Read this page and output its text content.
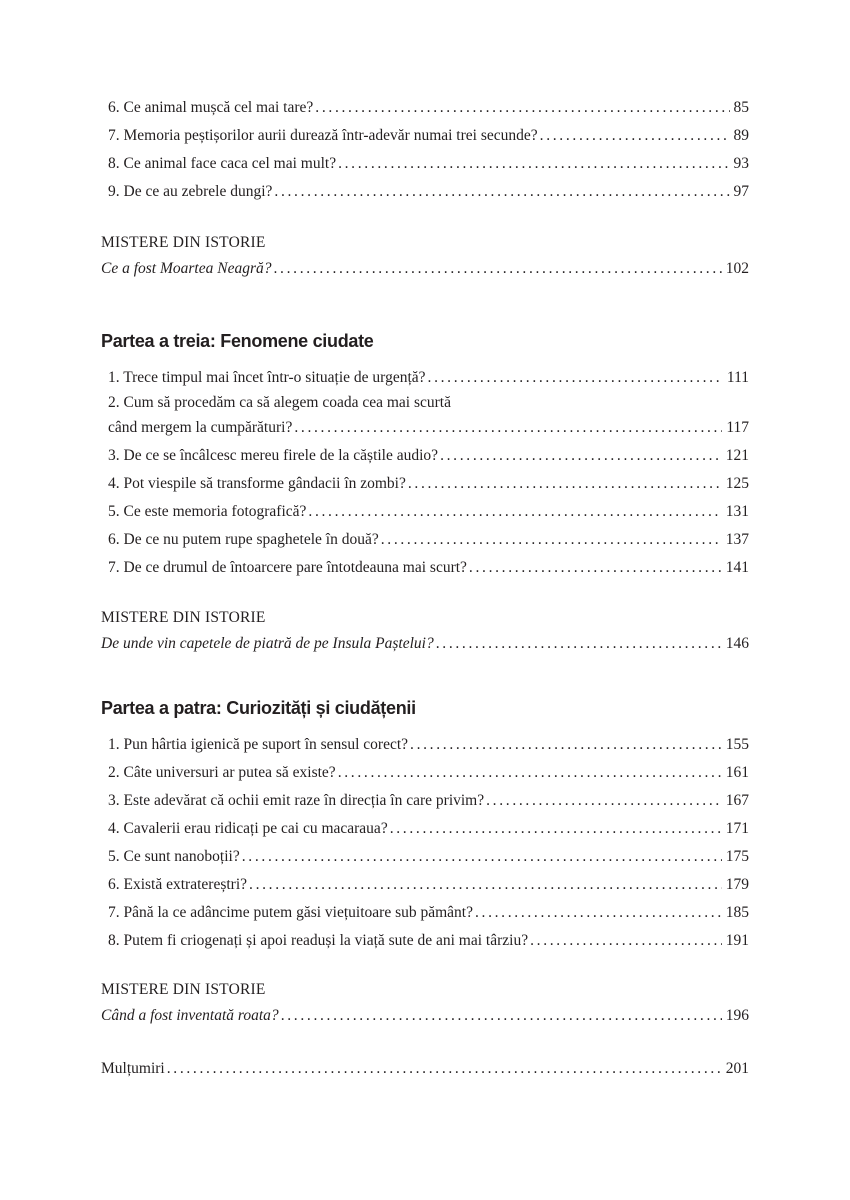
6. Ce animal mușcă cel mai tare? . . .	85
7. Memoria peștișorilor aurii durează într-adevăr numai trei secunde? . . .	89
8. Ce animal face caca cel mai mult? . . .	93
9. De ce au zebrele dungi? . . .	97
MISTERE DIN ISTORIE
Ce a fost Moartea Neagră? . . .	102
Partea a treia: Fenomene ciudate
1. Trece timpul mai încet într-o situație de urgență? . . .	111
2. Cum să procedăm ca să alegem coada cea mai scurtă
când mergem la cumpărături? . . .	117
3. De ce se încâlcesc mereu firele de la căștile audio? . . .	121
4. Pot viespile să transforme gândacii în zombi? . . .	125
5. Ce este memoria fotografică? . . .	131
6. De ce nu putem rupe spaghetele în două? . . .	137
7. De ce drumul de întoarcere pare întotdeauna mai scurt? . . .	141
MISTERE DIN ISTORIE
De unde vin capetele de piatră de pe Insula Paștelui? . . .	146
Partea a patra: Curiozități și ciudățenii
1. Pun hârtia igienică pe suport în sensul corect? . . .	155
2. Câte universuri ar putea să existe? . . .	161
3. Este adevărat că ochii emit raze în direcția în care privim? . . .	167
4. Cavalerii erau ridicați pe cai cu macaraua? . . .	171
5. Ce sunt nanoboții? . . .	175
6. Există extratereștri? . . .	179
7. Până la ce adâncime putem găsi viețuitoare sub pământ? . . .	185
8. Putem fi criogenați și apoi readuși la viață sute de ani mai târziu? . . .	191
MISTERE DIN ISTORIE
Când a fost inventată roata? . . .	196
Mulțumiri . . .	201
